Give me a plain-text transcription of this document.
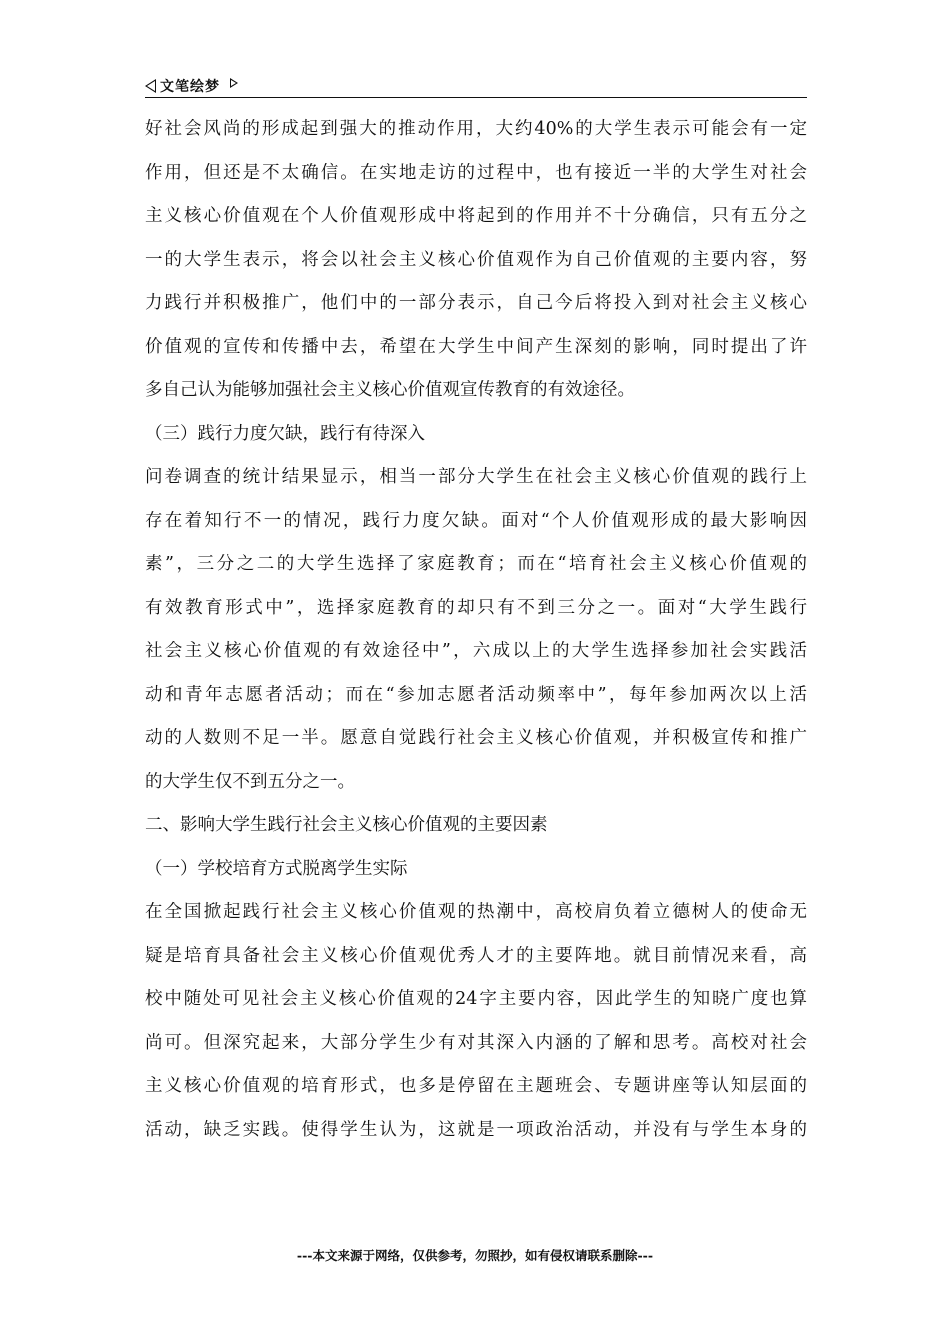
文笔绘梦
好社会风尚的形成起到强大的推动作用，大约40%的大学生表示可能会有一定
作用，但还是不太确信。在实地走访的过程中，也有接近一半的大学生对社会
主义核心价值观在个人价值观形成中将起到的作用并不十分确信，只有五分之
一的大学生表示，将会以社会主义核心价值观作为自己价值观的主要内容，努
力践行并积极推广，他们中的一部分表示，自己今后将投入到对社会主义核心
价值观的宣传和传播中去，希望在大学生中间产生深刻的影响，同时提出了许
多自己认为能够加强社会主义核心价值观宣传教育的有效途径。
（三）践行力度欠缺，践行有待深入
问卷调查的统计结果显示，相当一部分大学生在社会主义核心价值观的践行上
存在着知行不一的情况，践行力度欠缺。面对“个人价值观形成的最大影响因
素”，三分之二的大学生选择了家庭教育；而在“培育社会主义核心价值观的
有效教育形式中”，选择家庭教育的却只有不到三分之一。面对“大学生践行
社会主义核心价值观的有效途径中”，六成以上的大学生选择参加社会实践活
动和青年志愿者活动；而在“参加志愿者活动频率中”，每年参加两次以上活
动的人数则不足一半。愿意自觉践行社会主义核心价值观，并积极宣传和推广
的大学生仅不到五分之一。
二、影响大学生践行社会主义核心价值观的主要因素
（一）学校培育方式脱离学生实际
在全国掀起践行社会主义核心价值观的热潮中，高校肩负着立德树人的使命无
疑是培育具备社会主义核心价值观优秀人才的主要阵地。就目前情况来看，高
校中随处可见社会主义核心价值观的24字主要内容，因此学生的知晓广度也算
尚可。但深究起来，大部分学生少有对其深入内涵的了解和思考。高校对社会
主义核心价值观的培育形式，也多是停留在主题班会、专题讲座等认知层面的
活动，缺乏实践。使得学生认为，这就是一项政治活动，并没有与学生本身的
---本文来源于网络，仅供参考，勿照抄，如有侵权请联系删除---
